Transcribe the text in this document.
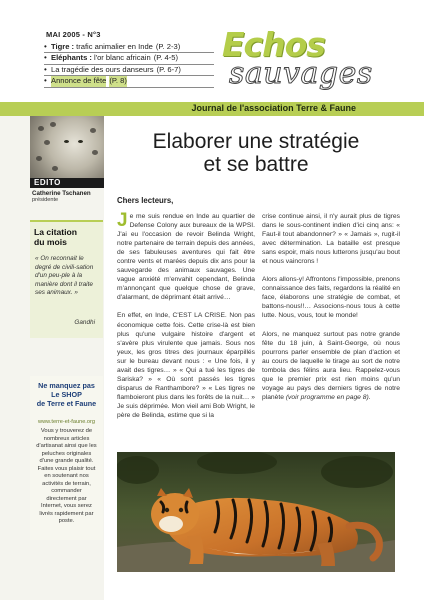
MAI 2005 - N°3
• Tigre : trafic animalier en Inde (P. 2-3)
• Eléphants : l'or blanc africain (P. 4-5)
• La tragédie des ours danseurs (P. 6-7)
• Annonce de fête (P. 8)
Echos
sauvages
Journal de l'association Terre & Faune
EDITO
Catherine Tschanen
présidente
La citation
du mois
« On reconnait le degré de civili-sation d'un peu-ple à la manière dont il traite ses animaux. »
Gandhi
Ne manquez pas
Le SHOP
de Terre et Faune
www.terre-et-faune.org
Vous y trouverez de nombreux articles d'artisanat ainsi que les peluches originales d'une grande qualité. Faites vous plaisir tout en soutenant nos activités de terrain, commander directement par Internet, vous serez livrés rapidement par poste.
Elaborer une stratégie
et se battre
Chers lecteurs,

Je me suis rendue en Inde au quartier de Defense Colony aux bureaux de la WPSI. J'ai eu l'occasion de revoir Belinda Wright, notre partenaire de terrain depuis des années, de ses fabuleuses aventures qui fait être contre vents et marées depuis dix ans pour la sauvegarde des animaux sauvages. Une vague anxiété m'envahit cependant, Belinda m'annonçant que quelque chose de grave, d'alarmant, de déprimant était arrivé…

En effet, en Inde, C'EST LA CRISE. Non pas économique cette fois. Cette crise-là est bien plus qu'une vulgaire histoire d'argent et s'avère plus virulente que jamais. Sous nos yeux, les gros titres des journaux éparpillés sur le bureau devant nous : « Une fois, il y avait des tigres… » « Qui a tué les tigres de Sariska? » « Où sont passés les tigres disparus de Ranthambore? » « Les tigres ne flamboieront plus dans les forêts de la nuit… » Je suis déprimée. Mon vieil ami Bob Wright, le père de Belinda, estime que si la

crise continue ainsi, il n'y aurait plus de tigres dans le sous-continent indien d'ici cinq ans: « Faut-il tout abandonner? » « Jamais », rugit-il avec détermination. La bataille est presque sans espoir, mais nous lutterons jusqu'au bout et nous vaincrons !

Alors allons-y! Affrontons l'impossible, prenons connaissance des faits, regardons la réalité en face, élaborons une stratégie de combat, et battons-nous!!… Associons-nous tous à cette lutte. Nous, vous, tout le monde!

Alors, ne manquez surtout pas notre grande fête du 18 juin, à Saint-George, où nous pourrons parler ensemble de plan d'action et au cours de laquelle le tirage au sort de notre tombola des félins aura lieu. Rappelez-vous que le premier prix est rien moins qu'un voyage au pays des derniers tigres de notre planète (voir programme en page 8).
